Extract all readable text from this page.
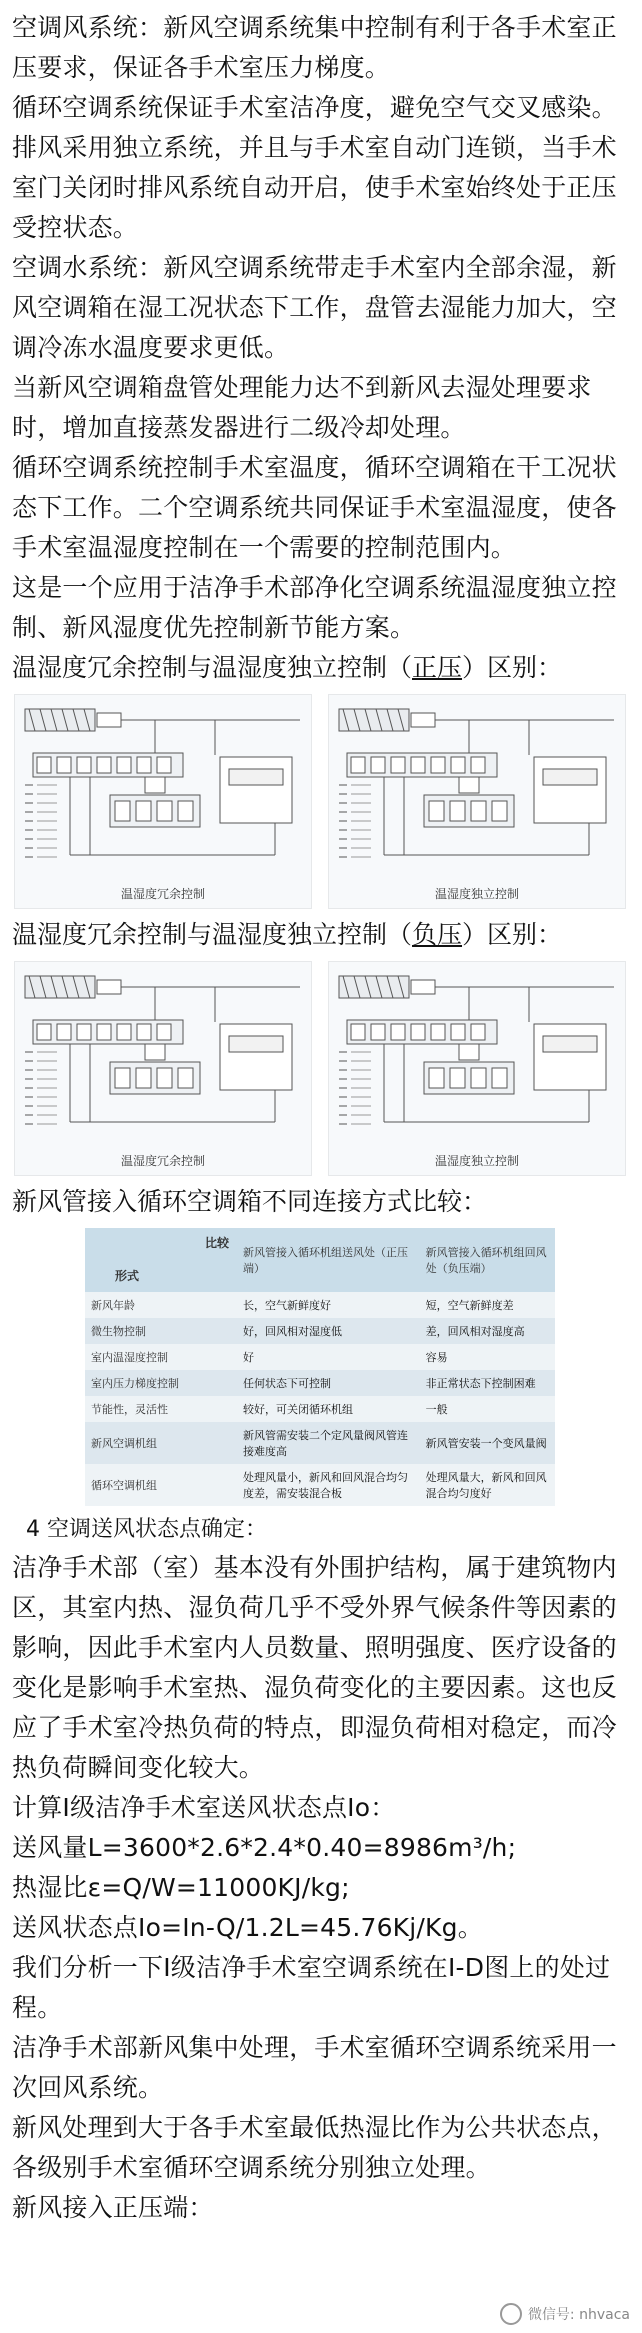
空调风系统：新风空调系统集中控制有利于各手术室正压要求，保证各手术室压力梯度。

循环空调系统保证手术室洁净度，避免空气交叉感染。

排风采用独立系统，并且与手术室自动门连锁，当手术室门关闭时排风系统自动开启，使手术室始终处于正压受控状态。

空调水系统：新风空调系统带走手术室内全部余湿，新风空调箱在湿工况状态下工作，盘管去湿能力加大，空调冷冻水温度要求更低。

当新风空调箱盘管处理能力达不到新风去湿处理要求时，增加直接蒸发器进行二级冷却处理。

循环空调系统控制手术室温度，循环空调箱在干工况状态下工作。二个空调系统共同保证手术室温湿度，使各手术室温湿度控制在一个需要的控制范围内。

这是一个应用于洁净手术部净化空调系统温湿度独立控制、新风湿度优先控制新节能方案。

温湿度冗余控制与温湿度独立控制（正压）区别：

温湿度冗余控制	温湿度独立控制

温湿度冗余控制与温湿度独立控制（负压）区别：

温湿度冗余控制	温湿度独立控制

新风管接入循环空调箱不同连接方式比较：

比较
形式	新风管接入循环机组送风处（正压端）	新风管接入循环机组回风处（负压端）
新风年龄	长，空气新鲜度好	短，空气新鲜度差
微生物控制	好，回风相对湿度低	差，回风相对湿度高
室内温湿度控制	好	容易
室内压力梯度控制	任何状态下可控制	非正常状态下控制困难
节能性，灵活性	较好，可关闭循环机组	一般
新风空调机组	新风管需安装二个定风量阀风管连接难度高	新风管安装一个变风量阀
循环空调机组	处理风量小，新风和回风混合均匀度差，需安装混合板	处理风量大，新风和回风混合均匀度好

4 空调送风状态点确定：

洁净手术部（室）基本没有外围护结构，属于建筑物内区，其室内热、湿负荷几乎不受外界气候条件等因素的影响，因此手术室内人员数量、照明强度、医疗设备的变化是影响手术室热、湿负荷变化的主要因素。这也反应了手术室冷热负荷的特点，即湿负荷相对稳定，而冷热负荷瞬间变化较大。

计算Ⅰ级洁净手术室送风状态点Io：

送风量L=3600*2.6*2.4*0.40=8986m³/h;

热湿比ε=Q/W=11000KJ/kg;

送风状态点Io=In-Q/1.2L=45.76Kj/Kg。

我们分析一下Ⅰ级洁净手术室空调系统在I-D图上的处过程。

洁净手术部新风集中处理，手术室循环空调系统采用一次回风系统。

新风处理到大于各手术室最低热湿比作为公共状态点，各级别手术室循环空调系统分别独立处理。

新风接入正压端：

微信号: nhvaca
